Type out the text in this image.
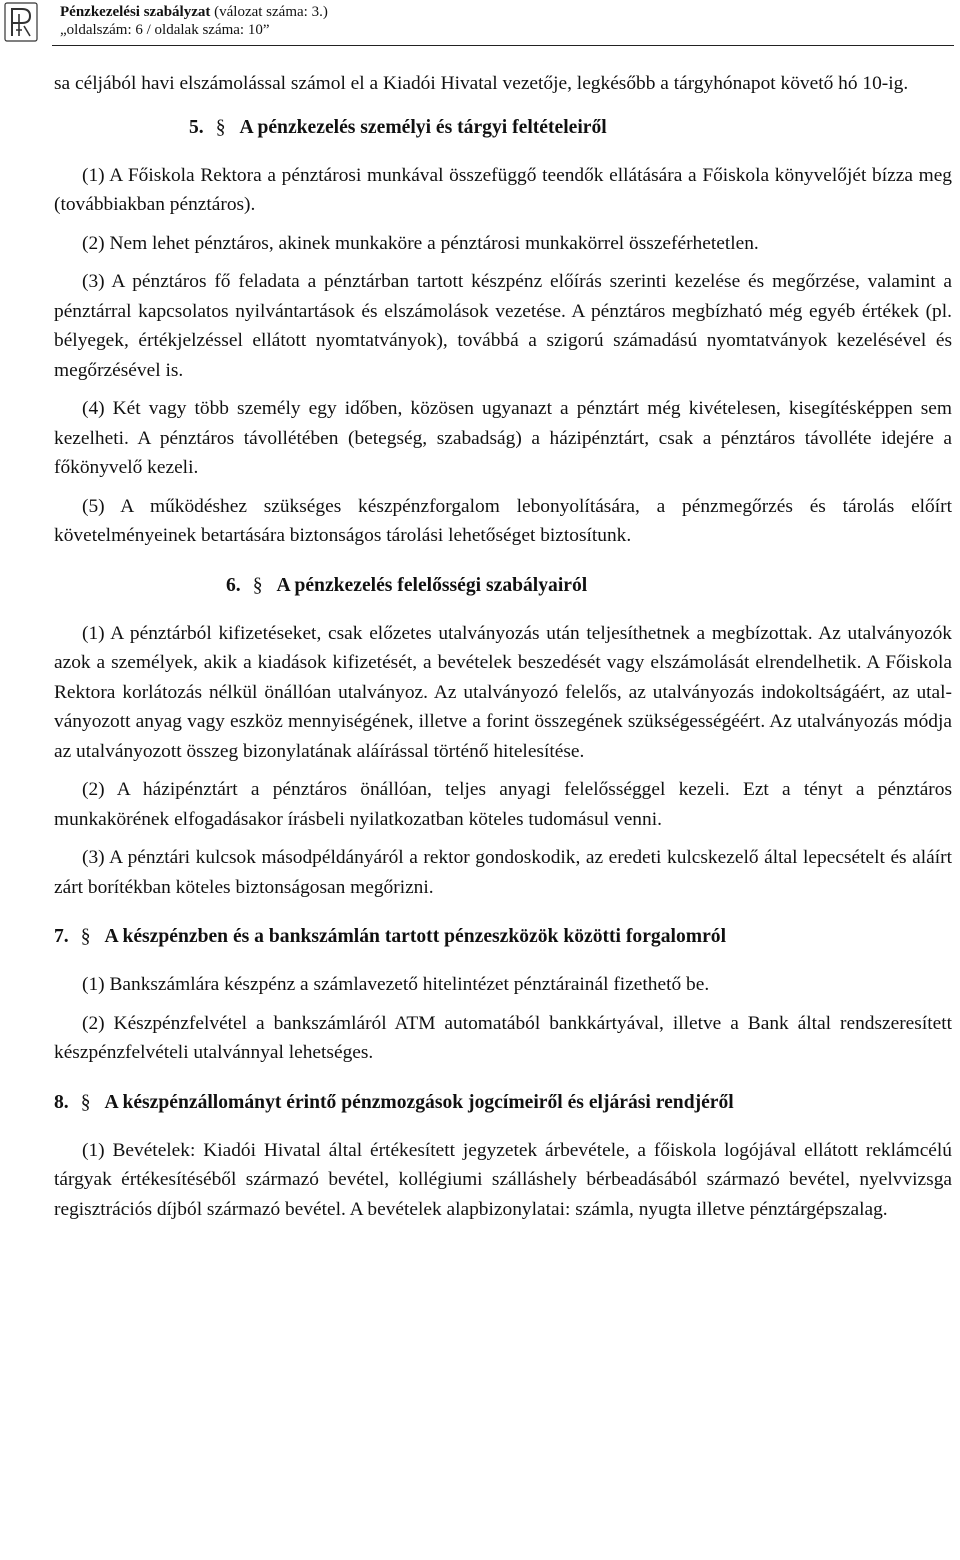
Pénzkezelési szabályzat (válozat száma: 3.)
„oldalszám: 6 / oldalak száma: 10”

sa céljából havi elszámolással számol el a Kiadói Hivatal vezetője, legkésőbb a tárgyhónapot követő hó 10-ig.

5. § A pénzkezelés személyi és tárgyi feltételeiről

(1) A Főiskola Rektora a pénztárosi munkával összefüggő teendők ellátására a Főiskola könyvelőjét bízza meg (továbbiakban pénztáros).

(2) Nem lehet pénztáros, akinek munkaköre a pénztárosi munkakörrel összeférhetetlen.

(3) A pénztáros fő feladata a pénztárban tartott készpénz előírás szerinti kezelése és megőrzése, valamint a pénztárral kapcsolatos nyilvántartások és elszámolások vezetése. A pénztáros megbízható még egyéb értékek (pl. bélyegek, értékjelzéssel ellátott nyomtatványok), továbbá a szigorú számadású nyomtatványok kezelésével és megőrzésével is.

(4) Két vagy több személy egy időben, közösen ugyanazt a pénztárt még kivételesen, kisegítésképpen sem kezelheti. A pénztáros távollétében (betegség, szabadság) a házipénztárt, csak a pénztáros távolléte idejére a főkönyvelő kezeli.

(5) A működéshez szükséges készpénzforgalom lebonyolítására, a pénzmegőrzés és tárolás előírt követelményeinek betartására biztonságos tárolási lehetőséget biztosítunk.

6. § A pénzkezelés felelősségi szabályairól

(1) A pénztárból kifizetéseket, csak előzetes utalványozás után teljesíthetnek a megbízottak. Az utalványozók azok a személyek, akik a kiadások kifizetését, a bevételek beszedését vagy elszámolását elrendelhetik. A Főiskola Rektora korlátozás nélkül önállóan utalványoz. Az utalványozó felelős, az utalványozás indokoltságáért, az utalványozott anyag vagy eszköz mennyiségének, illetve a forint összegének szükségességéért. Az utalványozás módja az utalványozott összeg bizonylatának aláírással történő hitelesítése.

(2) A házipénztárt a pénztáros önállóan, teljes anyagi felelősséggel kezeli. Ezt a tényt a pénztáros munkakörének elfogadásakor írásbeli nyilatkozatban köteles tudomásul venni.

(3) A pénztári kulcsok másodpéldányáról a rektor gondoskodik, az eredeti kulcskezelő által lepecsételt és aláírt zárt borítékban köteles biztonságosan megőrizni.

7. § A készpénzben és a bankszámlán tartott pénzeszközök közötti forgalomról

(1) Bankszámlára készpénz a számlavezető hitelintézet pénztárainál fizethető be.

(2) Készpénzfelvétel a bankszámláról ATM automatából bankkártyával, illetve a Bank által rendszeresített készpénzfelvételi utalvánnyal lehetséges.

8. § A készpénzállományt érintő pénzmozgások jogcímeiről és eljárási rendjéről

(1) Bevételek: Kiadói Hivatal által értékesített jegyzetek árbevétele, a főiskola logójával ellátott reklámcélú tárgyak értékesítéséből származó bevétel, kollégiumi szálláshely bérbeadásából származó bevétel, nyelvvizsga regisztrációs díjból származó bevétel. A bevételek alapbizonylatai: számla, nyugta illetve pénztárgépszalag.
